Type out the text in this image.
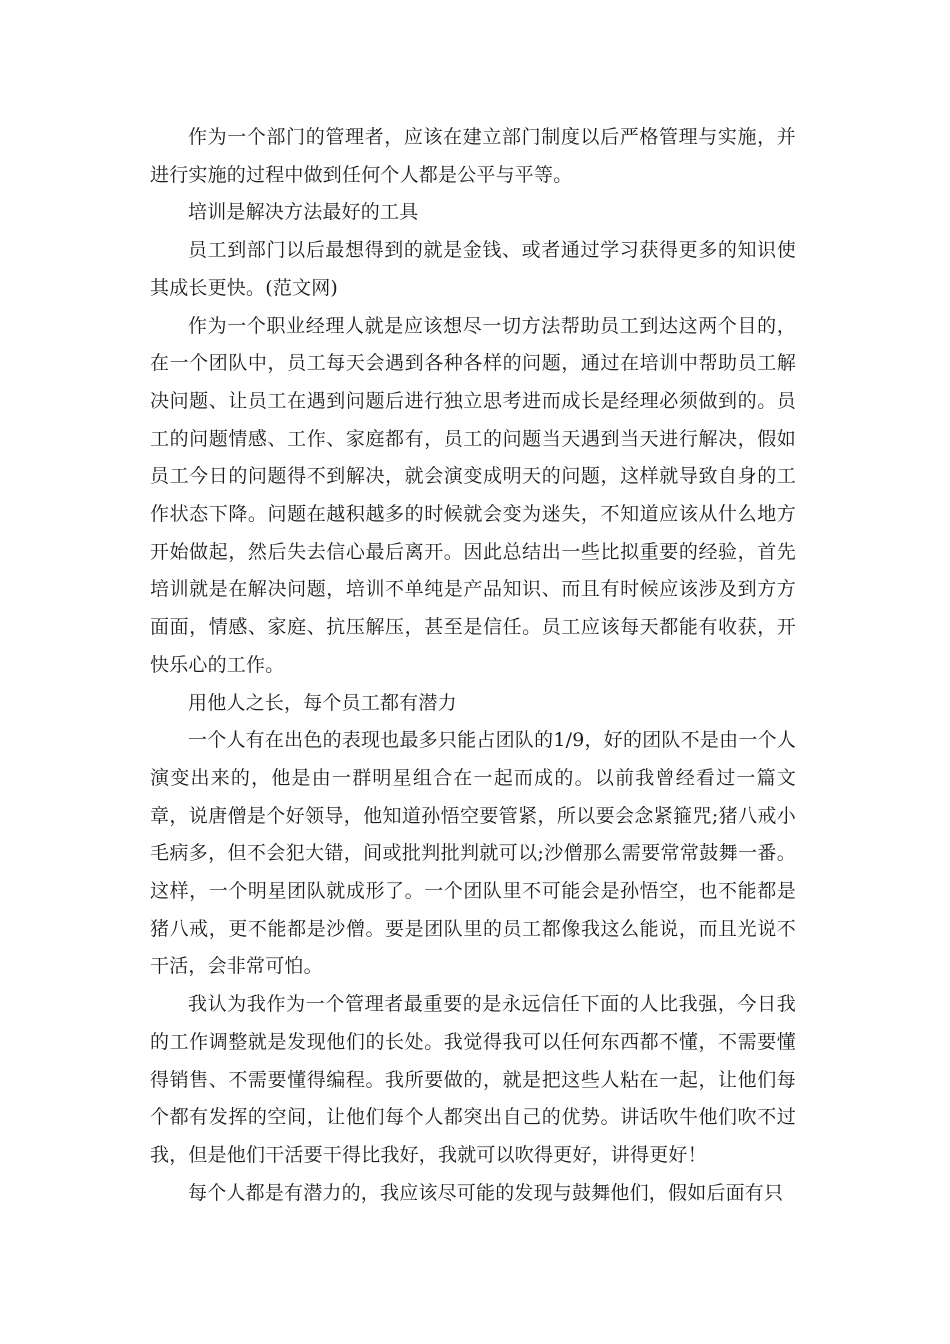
作为一个部门的管理者，应该在建立部门制度以后严格管理与实施，并进行实施的过程中做到任何个人都是公平与平等。

培训是解决方法最好的工具

员工到部门以后最想得到的就是金钱、或者通过学习获得更多的知识使其成长更快。(范文网)

作为一个职业经理人就是应该想尽一切方法帮助员工到达这两个目的，在一个团队中，员工每天会遇到各种各样的问题，通过在培训中帮助员工解决问题、让员工在遇到问题后进行独立思考进而成长是经理必须做到的。员工的问题情感、工作、家庭都有，员工的问题当天遇到当天进行解决，假如员工今日的问题得不到解决，就会演变成明天的问题，这样就导致自身的工作状态下降。问题在越积越多的时候就会变为迷失，不知道应该从什么地方开始做起，然后失去信心最后离开。因此总结出一些比拟重要的经验，首先培训就是在解决问题，培训不单纯是产品知识、而且有时候应该涉及到方方面面，情感、家庭、抗压解压，甚至是信任。员工应该每天都能有收获，开快乐心的工作。

用他人之长，每个员工都有潜力

一个人有在出色的表现也最多只能占团队的1/9，好的团队不是由一个人演变出来的，他是由一群明星组合在一起而成的。以前我曾经看过一篇文章，说唐僧是个好领导，他知道孙悟空要管紧，所以要会念紧箍咒;猪八戒小毛病多，但不会犯大错，间或批判批判就可以;沙僧那么需要常常鼓舞一番。这样，一个明星团队就成形了。一个团队里不可能会是孙悟空，也不能都是猪八戒，更不能都是沙僧。要是团队里的员工都像我这么能说，而且光说不干活，会非常可怕。

我认为我作为一个管理者最重要的是永远信任下面的人比我强，今日我的工作调整就是发现他们的长处。我觉得我可以任何东西都不懂，不需要懂得销售、不需要懂得编程。我所要做的，就是把这些人粘在一起，让他们每个都有发挥的空间，让他们每个人都突出自己的优势。讲话吹牛他们吹不过我，但是他们干活要干得比我好，我就可以吹得更好，讲得更好！

每个人都是有潜力的，我应该尽可能的发现与鼓舞他们，假如后面有只
